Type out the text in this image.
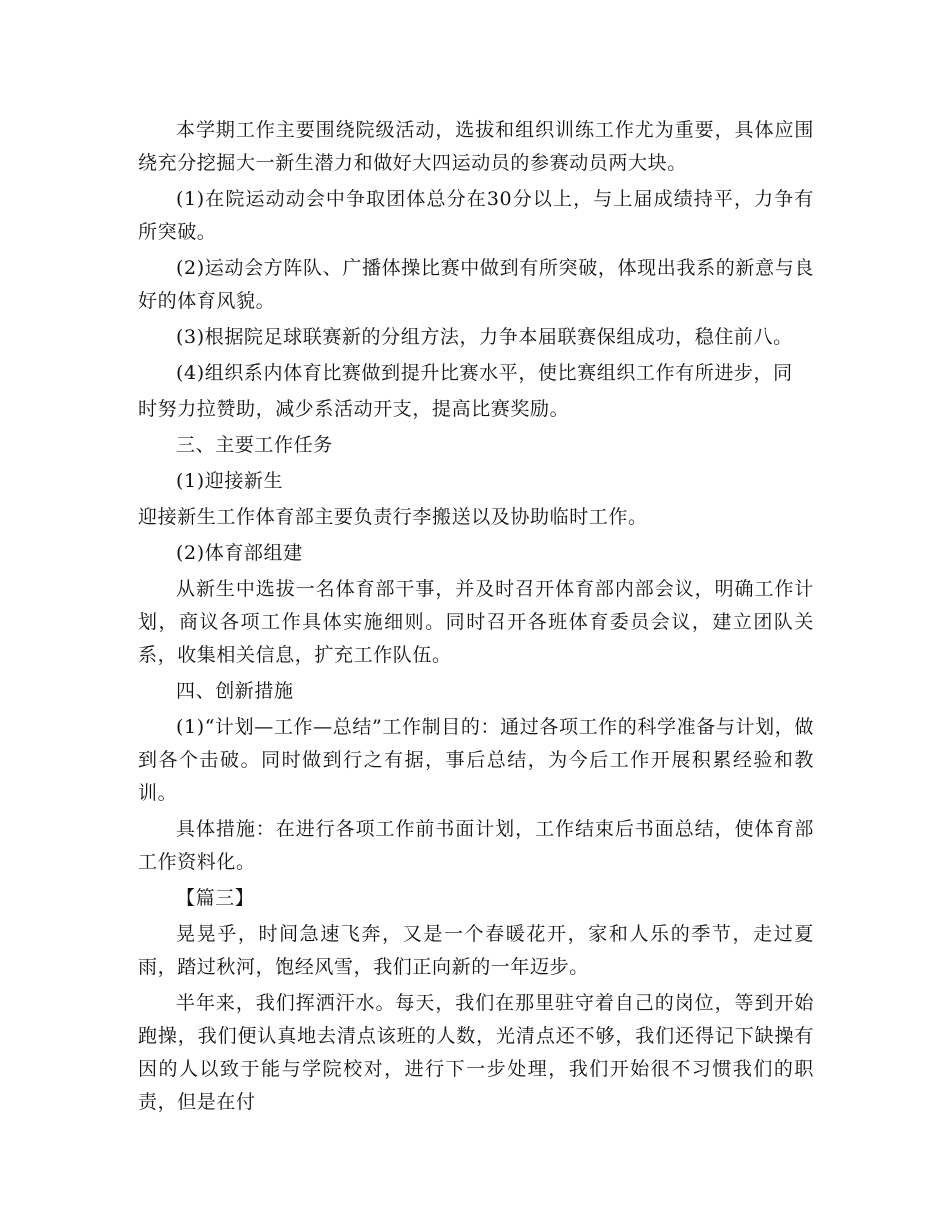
本学期工作主要围绕院级活动，选拔和组织训练工作尤为重要，具体应围绕充分挖掘大一新生潜力和做好大四运动员的参赛动员两大块。

(1)在院运动动会中争取团体总分在30分以上，与上届成绩持平，力争有所突破。

(2)运动会方阵队、广播体操比赛中做到有所突破，体现出我系的新意与良好的体育风貌。

(3)根据院足球联赛新的分组方法，力争本届联赛保组成功，稳住前八。

(4)组织系内体育比赛做到提升比赛水平，使比赛组织工作有所进步，同

时努力拉赞助，减少系活动开支，提高比赛奖励。

三、主要工作任务

(1)迎接新生

迎接新生工作体育部主要负责行李搬送以及协助临时工作。

(2)体育部组建

从新生中选拔一名体育部干事，并及时召开体育部内部会议，明确工作计划，商议各项工作具体实施细则。同时召开各班体育委员会议，建立团队关系，收集相关信息，扩充工作队伍。

四、创新措施

(1)“计划—工作—总结”工作制目的：通过各项工作的科学准备与计划，做到各个击破。同时做到行之有据，事后总结，为今后工作开展积累经验和教训。

具体措施：在进行各项工作前书面计划，工作结束后书面总结，使体育部工作资料化。

【篇三】

晃晃乎，时间急速飞奔，又是一个春暖花开，家和人乐的季节，走过夏雨，踏过秋河，饱经风雪，我们正向新的一年迈步。

半年来，我们挥洒汗水。每天，我们在那里驻守着自己的岗位，等到开始跑操，我们便认真地去清点该班的人数，光清点还不够，我们还得记下缺操有因的人以致于能与学院校对，进行下一步处理，我们开始很不习惯我们的职责，但是在付
